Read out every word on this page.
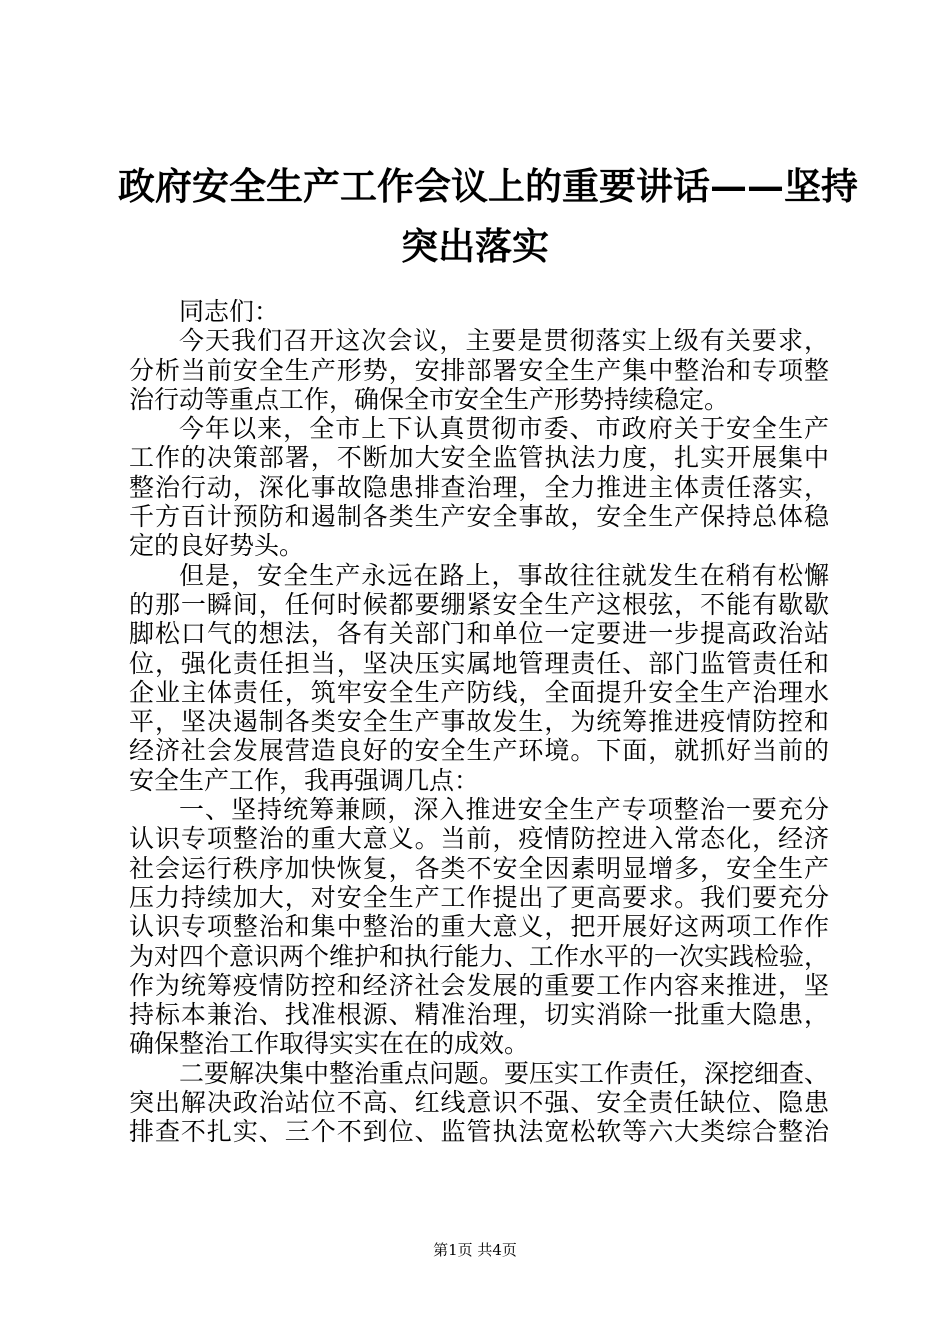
政府安全生产工作会议上的重要讲话——坚持
突出落实
同志们：
今天我们召开这次会议，主要是贯彻落实上级有关要求，
分析当前安全生产形势，安排部署安全生产集中整治和专项整
治行动等重点工作，确保全市安全生产形势持续稳定。
今年以来，全市上下认真贯彻市委、市政府关于安全生产
工作的决策部署，不断加大安全监管执法力度，扎实开展集中
整治行动，深化事故隐患排查治理，全力推进主体责任落实，
千方百计预防和遏制各类生产安全事故，安全生产保持总体稳
定的良好势头。
但是，安全生产永远在路上，事故往往就发生在稍有松懈
的那一瞬间，任何时候都要绷紧安全生产这根弦，不能有歇歇
脚松口气的想法，各有关部门和单位一定要进一步提高政治站
位，强化责任担当，坚决压实属地管理责任、部门监管责任和
企业主体责任，筑牢安全生产防线，全面提升安全生产治理水
平，坚决遏制各类安全生产事故发生，为统筹推进疫情防控和
经济社会发展营造良好的安全生产环境。下面，就抓好当前的
安全生产工作，我再强调几点：
一、坚持统筹兼顾，深入推进安全生产专项整治一要充分
认识专项整治的重大意义。当前，疫情防控进入常态化，经济
社会运行秩序加快恢复，各类不安全因素明显增多，安全生产
压力持续加大，对安全生产工作提出了更高要求。我们要充分
认识专项整治和集中整治的重大意义，把开展好这两项工作作
为对四个意识两个维护和执行能力、工作水平的一次实践检验，
作为统筹疫情防控和经济社会发展的重要工作内容来推进，坚
持标本兼治、找准根源、精准治理，切实消除一批重大隐患，
确保整治工作取得实实在在的成效。
二要解决集中整治重点问题。要压实工作责任，深挖细查、
突出解决政治站位不高、红线意识不强、安全责任缺位、隐患
排查不扎实、三个不到位、监管执法宽松软等六大类综合整治
第1页 共4页
